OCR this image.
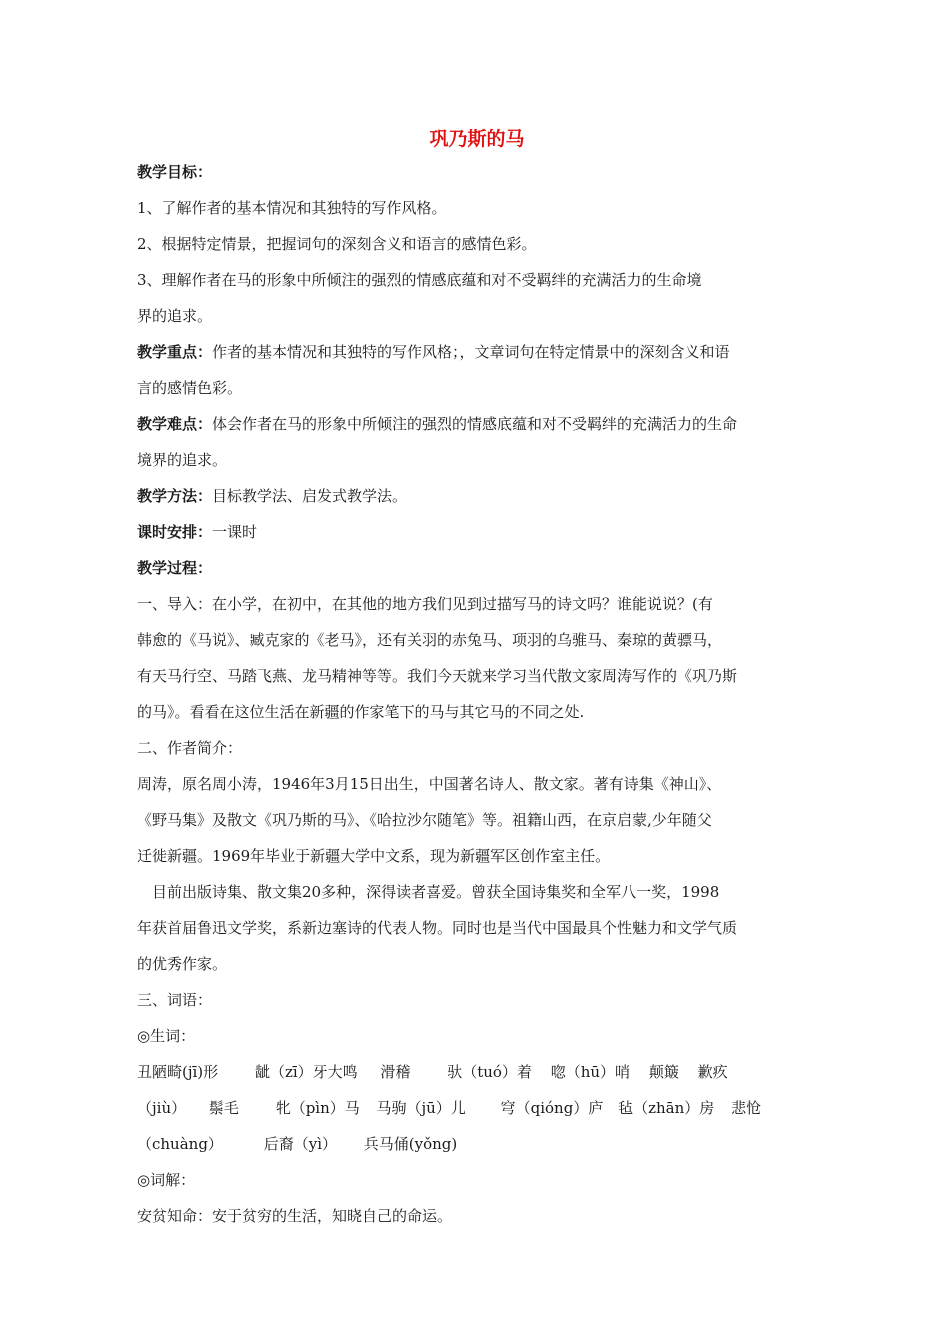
巩乃斯的马
教学目标：
1、了解作者的基本情况和其独特的写作风格。
2、根据特定情景，把握词句的深刻含义和语言的感情色彩。
3、理解作者在马的形象中所倾注的强烈的情感底蕴和对不受羁绊的充满活力的生命境
界的追求。
教学重点：作者的基本情况和其独特的写作风格；，文章词句在特定情景中的深刻含义和语
言的感情色彩。
教学难点：体会作者在马的形象中所倾注的强烈的情感底蕴和对不受羁绊的充满活力的生命
境界的追求。
教学方法：目标教学法、启发式教学法。
课时安排：一课时
教学过程：
一、导入：在小学，在初中，在其他的地方我们见到过描写马的诗文吗？谁能说说？(有
韩愈的《马说》、臧克家的《老马》，还有关羽的赤兔马、项羽的乌骓马、秦琼的黄骠马，
有天马行空、马踏飞燕、龙马精神等等。我们今天就来学习当代散文家周涛写作的《巩乃斯
的马》。看看在这位生活在新疆的作家笔下的马与其它马的不同之处.
二、作者简介：
周涛，原名周小涛，1946年3月15日出生，中国著名诗人、散文家。著有诗集《神山》、
《野马集》及散文《巩乃斯的马》、《哈拉沙尔随笔》等。祖籍山西，在京启蒙,少年随父
迁徙新疆。1969年毕业于新疆大学中文系，现为新疆军区创作室主任。
目前出版诗集、散文集20多种，深得读者喜爱。曾获全国诗集奖和全军八一奖，1998
年获首届鲁迅文学奖，系新边塞诗的代表人物。同时也是当代中国最具个性魅力和文学气质
的优秀作家。
三、词语：
◎生词：
丑陋畸(jī)形 龇（zī）牙大鸣 滑稽 驮（tuó）着 唿（hū）哨 颠簸 歉疚
（jiù） 鬃毛 牝（pìn）马 马驹（jū）儿 穹（qióng）庐 毡（zhān）房 悲怆
（chuàng）	后裔（yì） 兵马俑(yǒng)
◎词解：
安贫知命：安于贫穷的生活，知晓自己的命运。
